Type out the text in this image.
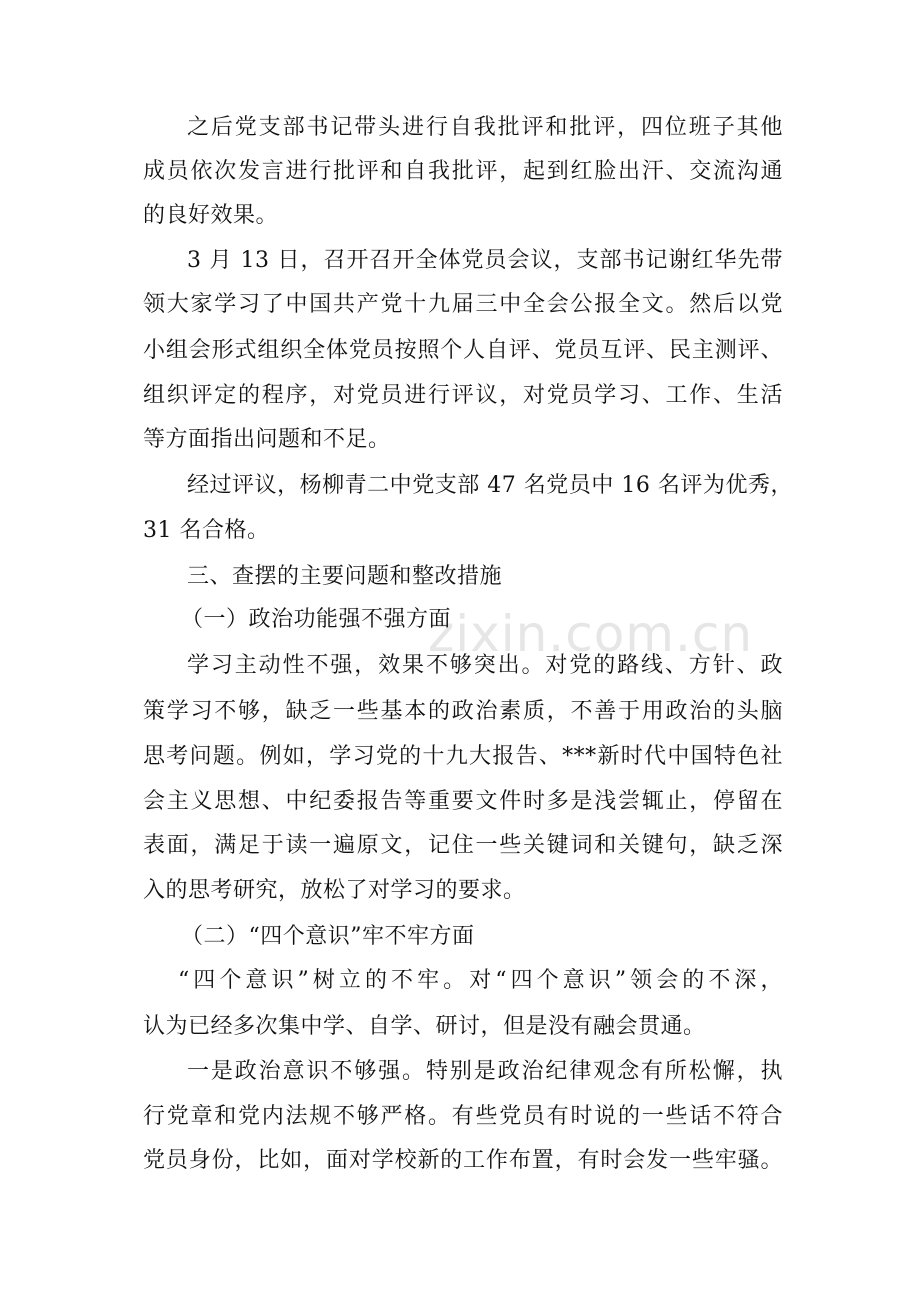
zixin.com.cn
之后党支部书记带头进行自我批评和批评，四位班子其他
成员依次发言进行批评和自我批评，起到红脸出汗、交流沟通
的良好效果。
3 月 13 日，召开召开全体党员会议，支部书记谢红华先带
领大家学习了中国共产党十九届三中全会公报全文。然后以党
小组会形式组织全体党员按照个人自评、党员互评、民主测评、
组织评定的程序，对党员进行评议，对党员学习、工作、生活
等方面指出问题和不足。
经过评议，杨柳青二中党支部 47 名党员中 16 名评为优秀，
31 名合格。
三、查摆的主要问题和整改措施
（一）政治功能强不强方面
学习主动性不强，效果不够突出。对党的路线、方针、政
策学习不够，缺乏一些基本的政治素质，不善于用政治的头脑
思考问题。例如，学习党的十九大报告、***新时代中国特色社
会主义思想、中纪委报告等重要文件时多是浅尝辄止，停留在
表面，满足于读一遍原文，记住一些关键词和关键句，缺乏深
入的思考研究，放松了对学习的要求。
（二）“四个意识”牢不牢方面
“四个意识”树立的不牢。对“四个意识”领会的不深，
认为已经多次集中学、自学、研讨，但是没有融会贯通。
一是政治意识不够强。特别是政治纪律观念有所松懈，执
行党章和党内法规不够严格。有些党员有时说的一些话不符合
党员身份，比如，面对学校新的工作布置，有时会发一些牢骚。
